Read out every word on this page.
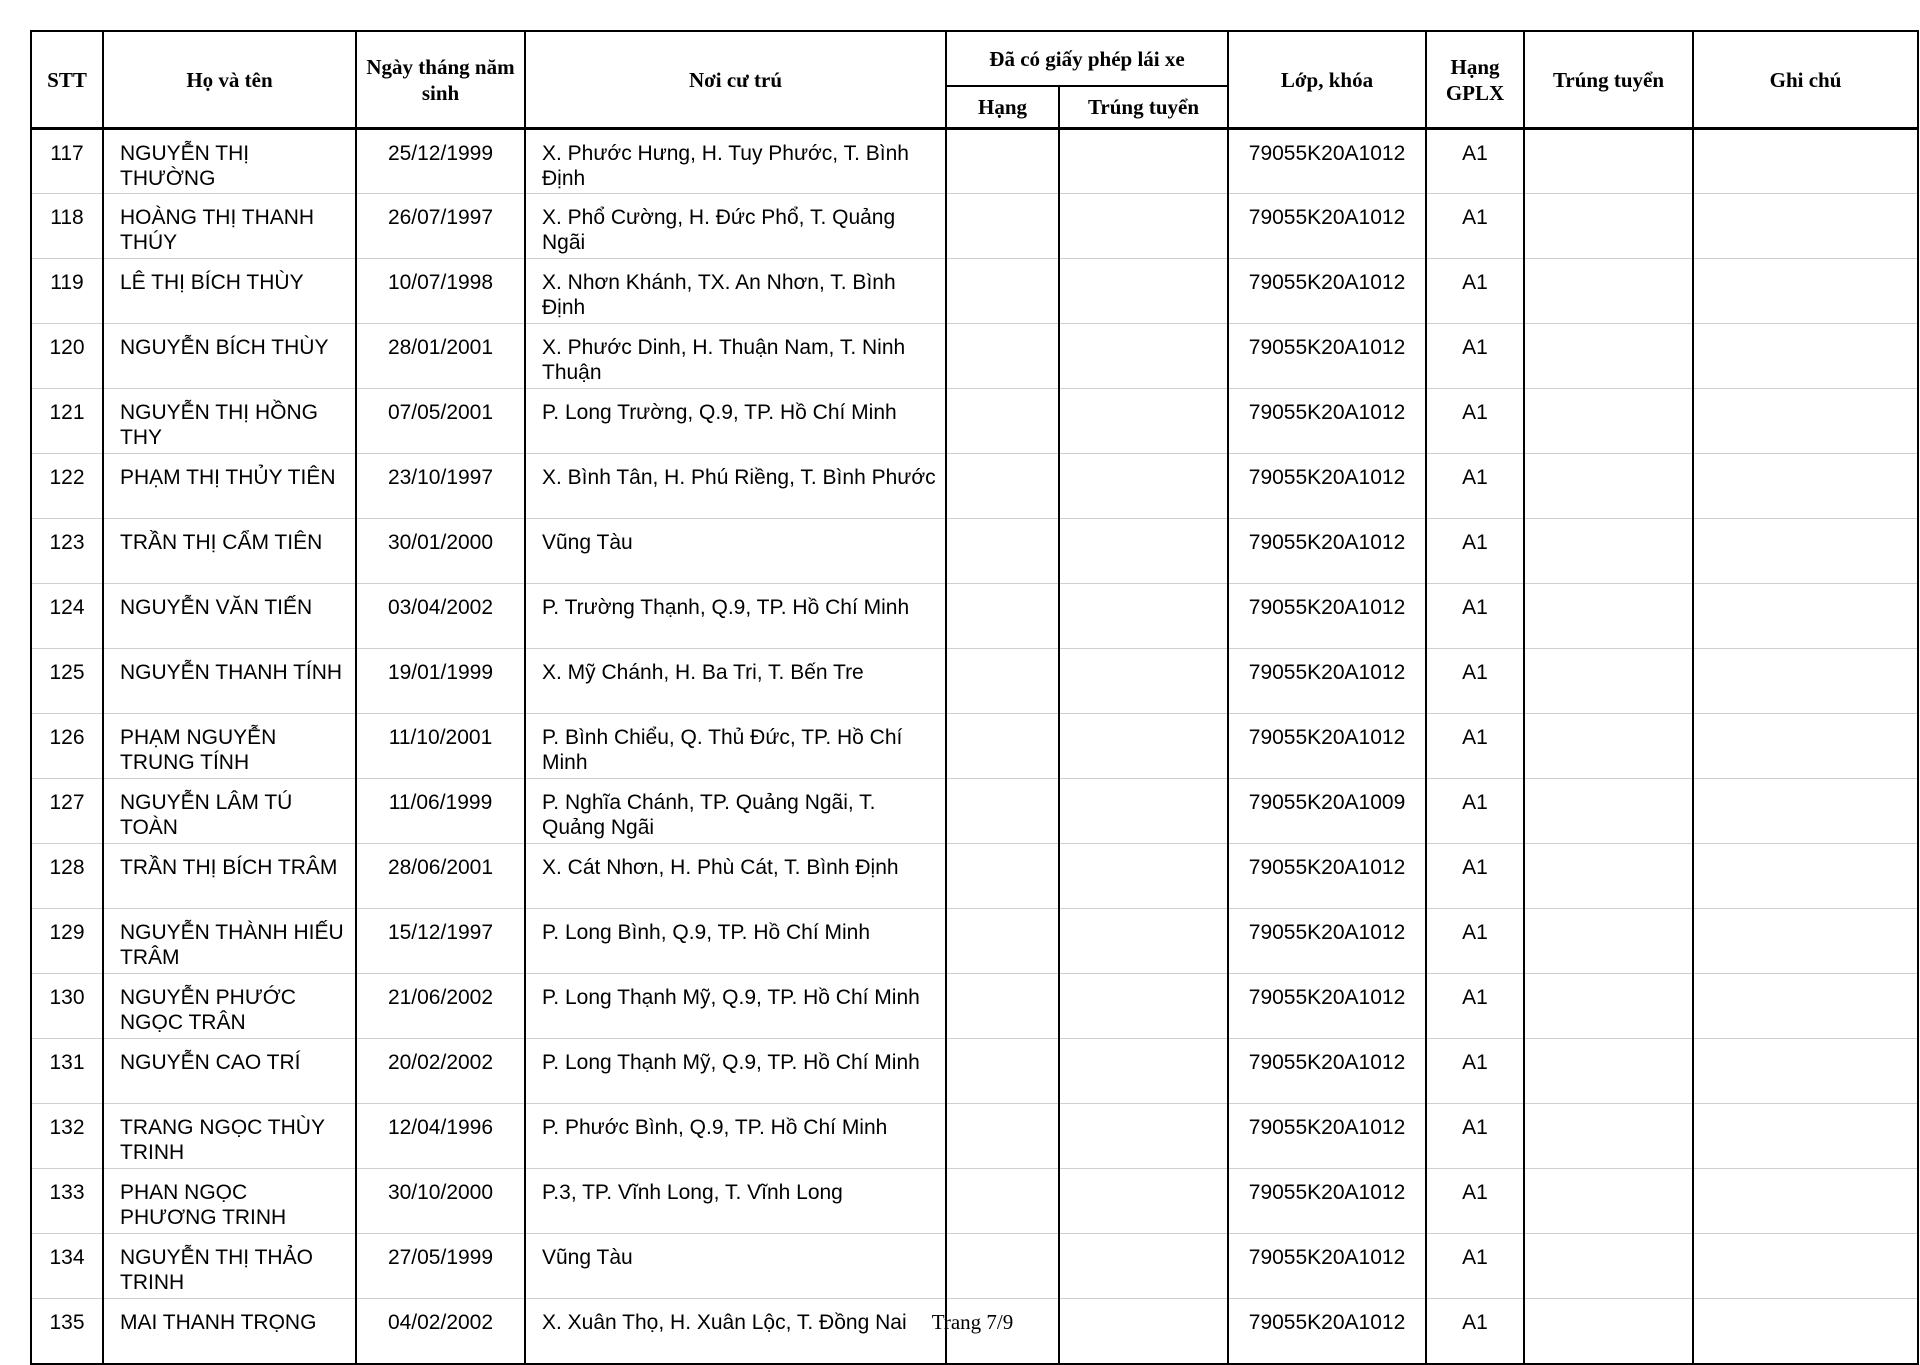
STT	Họ và tên	Ngày tháng năm sinh	Nơi cư trú	Đã có giấy phép lái xe		Lớp, khóa	Hạng GPLX	Trúng tuyển	Ghi chú
				Hạng	Trúng tuyển				
117	NGUYỄN THỊ THƯỜNG	25/12/1999	X. Phước Hưng, H. Tuy Phước, T. Bình Định			79055K20A1012	A1		
118	HOÀNG THỊ THANH THÚY	26/07/1997	X. Phổ Cường, H. Đức Phổ, T. Quảng Ngãi			79055K20A1012	A1		
119	LÊ THỊ BÍCH THÙY	10/07/1998	X. Nhơn Khánh, TX. An Nhơn, T. Bình Định			79055K20A1012	A1		
120	NGUYỄN BÍCH THÙY	28/01/2001	X. Phước Dinh, H. Thuận Nam, T. Ninh Thuận			79055K20A1012	A1		
121	NGUYỄN THỊ HỒNG THY	07/05/2001	P. Long Trường, Q.9, TP. Hồ Chí Minh			79055K20A1012	A1		
122	PHẠM THỊ THỦY TIÊN	23/10/1997	X. Bình Tân, H. Phú Riềng, T. Bình Phước			79055K20A1012	A1		
123	TRẦN THỊ CẨM TIÊN	30/01/2000	Vũng Tàu			79055K20A1012	A1		
124	NGUYỄN VĂN TIẾN	03/04/2002	P. Trường Thạnh, Q.9, TP. Hồ Chí Minh			79055K20A1012	A1		
125	NGUYỄN THANH TÍNH	19/01/1999	X. Mỹ Chánh, H. Ba Tri, T. Bến Tre			79055K20A1012	A1		
126	PHẠM NGUYỄN TRUNG TÍNH	11/10/2001	P. Bình Chiểu, Q. Thủ Đức, TP. Hồ Chí Minh			79055K20A1012	A1		
127	NGUYỄN LÂM TÚ TOÀN	11/06/1999	P. Nghĩa Chánh, TP. Quảng Ngãi, T. Quảng Ngãi			79055K20A1009	A1		
128	TRẦN THỊ BÍCH TRÂM	28/06/2001	X. Cát Nhơn, H. Phù Cát, T. Bình Định			79055K20A1012	A1		
129	NGUYỄN THÀNH HIẾU TRÂM	15/12/1997	P. Long Bình, Q.9, TP. Hồ Chí Minh			79055K20A1012	A1		
130	NGUYỄN PHƯỚC NGỌC TRÂN	21/06/2002	P. Long Thạnh Mỹ, Q.9, TP. Hồ Chí Minh			79055K20A1012	A1		
131	NGUYỄN CAO TRÍ	20/02/2002	P. Long Thạnh Mỹ, Q.9, TP. Hồ Chí Minh			79055K20A1012	A1		
132	TRANG NGỌC THÙY TRINH	12/04/1996	P. Phước Bình, Q.9, TP. Hồ Chí Minh			79055K20A1012	A1		
133	PHAN NGỌC PHƯƠNG TRINH	30/10/2000	P.3, TP. Vĩnh Long, T. Vĩnh Long			79055K20A1012	A1		
134	NGUYỄN THỊ THẢO TRINH	27/05/1999	Vũng Tàu			79055K20A1012	A1		
135	MAI THANH TRỌNG	04/02/2002	X. Xuân Thọ, H. Xuân Lộc, T. Đồng Nai			79055K20A1012	A1		
Trang 7/9
